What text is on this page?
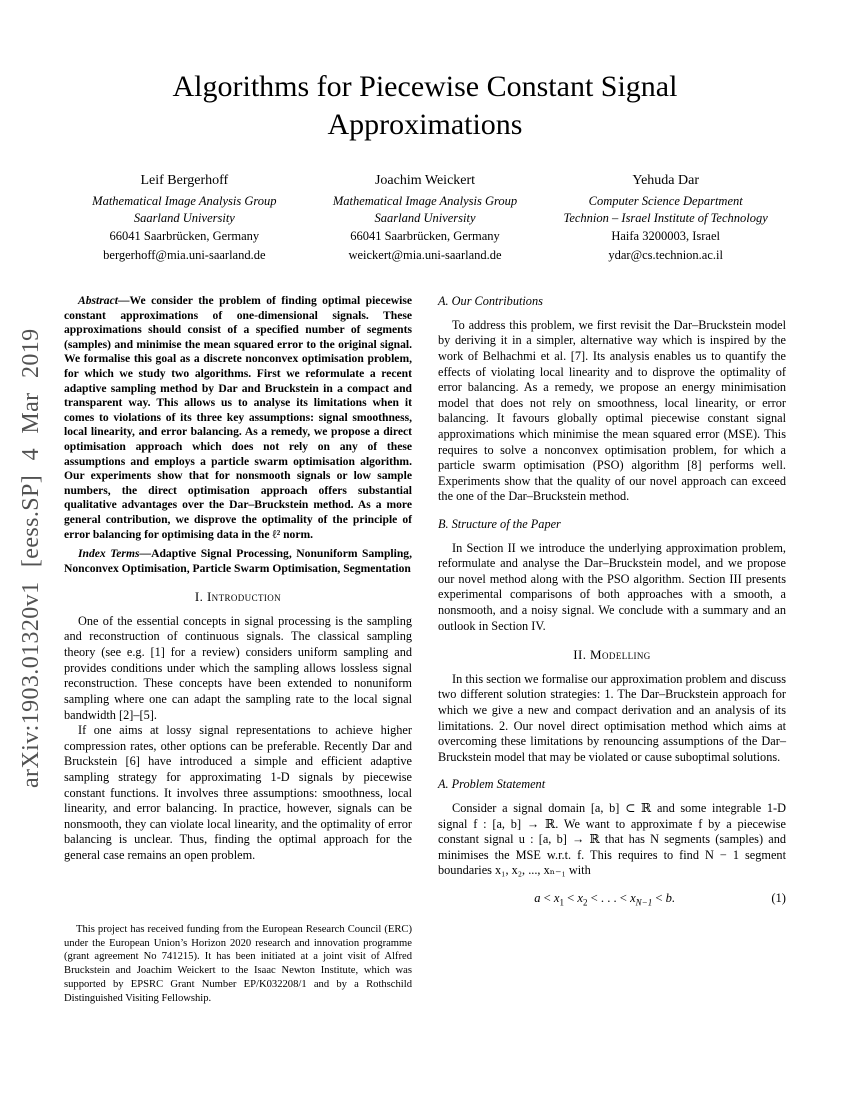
arXiv:1903.01320v1 [eess.SP] 4 Mar 2019
Algorithms for Piecewise Constant Signal
Approximations
Leif Bergerhoff
Mathematical Image Analysis Group
Saarland University
66041 Saarbrücken, Germany
bergerhoff@mia.uni-saarland.de
Joachim Weickert
Mathematical Image Analysis Group
Saarland University
66041 Saarbrücken, Germany
weickert@mia.uni-saarland.de
Yehuda Dar
Computer Science Department
Technion – Israel Institute of Technology
Haifa 3200003, Israel
ydar@cs.technion.ac.il

Abstract—We consider the problem of finding optimal piecewise constant approximations of one-dimensional signals. These approximations should consist of a specified number of segments (samples) and minimise the mean squared error to the original signal. We formalise this goal as a discrete nonconvex optimisation problem, for which we study two algorithms. First we reformulate a recent adaptive sampling method by Dar and Bruckstein in a compact and transparent way. This allows us to analyse its limitations when it comes to violations of its three key assumptions: signal smoothness, local linearity, and error balancing. As a remedy, we propose a direct optimisation approach which does not rely on any of these assumptions and employs a particle swarm optimisation algorithm. Our experiments show that for nonsmooth signals or low sample numbers, the direct optimisation approach offers substantial qualitative advantages over the Dar–Bruckstein method. As a more general contribution, we disprove the optimality of the principle of error balancing for optimising data in the ℓ² norm.

Index Terms—Adaptive Signal Processing, Nonuniform Sampling, Nonconvex Optimisation, Particle Swarm Optimisation, Segmentation

I. Introduction

One of the essential concepts in signal processing is the sampling and reconstruction of continuous signals. The classical sampling theory (see e.g. [1] for a review) considers uniform sampling and provides conditions under which the sampling allows lossless signal reconstruction. These concepts have been extended to nonuniform sampling where one can adapt the sampling rate to the local signal bandwidth [2]–[5].

If one aims at lossy signal representations to achieve higher compression rates, other options can be preferable. Recently Dar and Bruckstein [6] have introduced a simple and efficient adaptive sampling strategy for approximating 1-D signals by piecewise constant functions. It involves three assumptions: smoothness, local linearity, and error balancing. In practice, however, signals can be nonsmooth, they can violate local linearity, and the optimality of error balancing is unclear. Thus, finding the optimal approach for the general case remains an open problem.

This project has received funding from the European Research Council (ERC) under the European Union’s Horizon 2020 research and innovation programme (grant agreement No 741215). It has been initiated at a joint visit of Alfred Bruckstein and Joachim Weickert to the Isaac Newton Institute, which was supported by EPSRC Grant Number EP/K032208/1 and by a Rothschild Distinguished Visiting Fellowship.

A. Our Contributions

To address this problem, we first revisit the Dar–Bruckstein model by deriving it in a simpler, alternative way which is inspired by the work of Belhachmi et al. [7]. Its analysis enables us to quantify the effects of violating local linearity and to disprove the optimality of error balancing. As a remedy, we propose an energy minimisation model that does not rely on smoothness, local linearity, or error balancing. It favours globally optimal piecewise constant signal approximations which minimise the mean squared error (MSE). This requires to solve a nonconvex optimisation problem, for which a particle swarm optimisation (PSO) algorithm [8] performs well. Experiments show that the quality of our novel approach can exceed the one of the Dar–Bruckstein method.

B. Structure of the Paper

In Section II we introduce the underlying approximation problem, reformulate and analyse the Dar–Bruckstein model, and we propose our novel method along with the PSO algorithm. Section III presents experimental comparisons of both approaches with a smooth, a nonsmooth, and a noisy signal. We conclude with a summary and an outlook in Section IV.

II. Modelling

In this section we formalise our approximation problem and discuss two different solution strategies: 1. The Dar–Bruckstein approach for which we give a new and compact derivation and an analysis of its limitations. 2. Our novel direct optimisation method which aims at overcoming these limitations by renouncing assumptions of the Dar–Bruckstein model that may be violated or cause suboptimal solutions.

A. Problem Statement

Consider a signal domain [a, b] ⊂ ℝ and some integrable 1-D signal f : [a, b] → ℝ. We want to approximate f by a piecewise constant signal u : [a, b] → ℝ that has N segments (samples) and minimises the MSE w.r.t. f. This requires to find N − 1 segment boundaries x₁, x₂, ..., xₙ₋₁ with

$a < x_1 < x_2$ < . . . < $x_{N-1} < b$.	(1)
